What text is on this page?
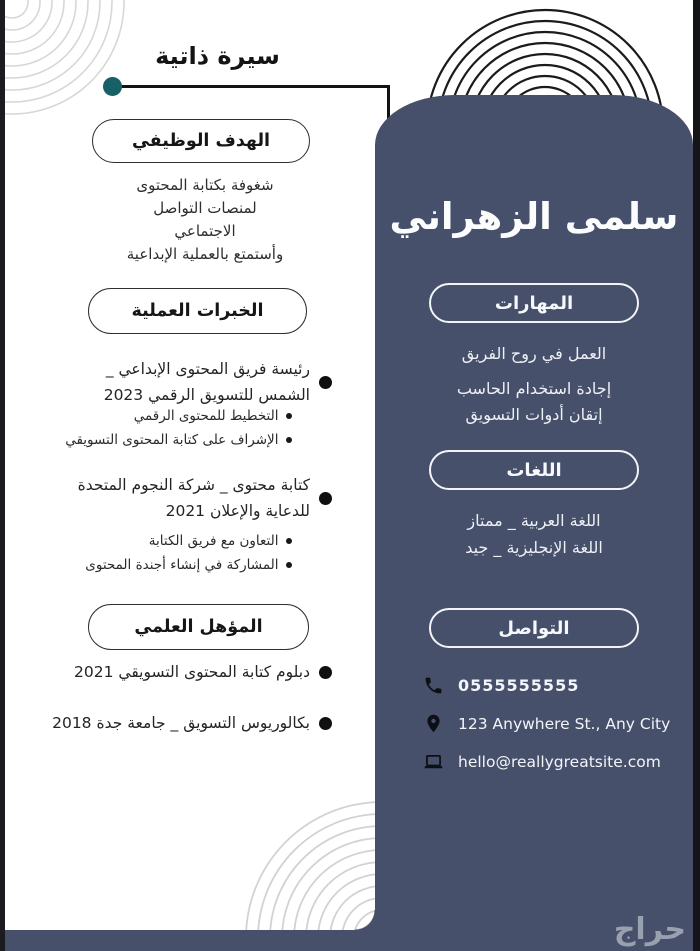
سيرة ذاتية
الهدف الوظيفي
شغوفة بكتابة المحتوى
لمنصات التواصل
الاجتماعي
وأستمتع بالعملية الإبداعية
الخبرات العملية
رئيسة فريق المحتوى الإبداعي _
الشمس للتسويق الرقمي 2023
التخطيط للمحتوى الرقمي
الإشراف على كتابة المحتوى التسويقي
كتابة محتوى _ شركة النجوم المتحدة
للدعاية والإعلان 2021
التعاون مع فريق الكتابة
المشاركة في إنشاء أجندة المحتوى
المؤهل العلمي
دبلوم كتابة المحتوى التسويقي 2021
بكالوريوس التسويق _ جامعة جدة 2018
سلمى الزهراني
المهارات
العمل في روح الفريق
إجادة استخدام الحاسب
إتقان أدوات التسويق
اللغات
اللغة العربية _ ممتاز
اللغة الإنجليزية _ جيد
التواصل
0555555555
123 Anywhere St., Any City
hello@reallygreatsite.com
حراج
